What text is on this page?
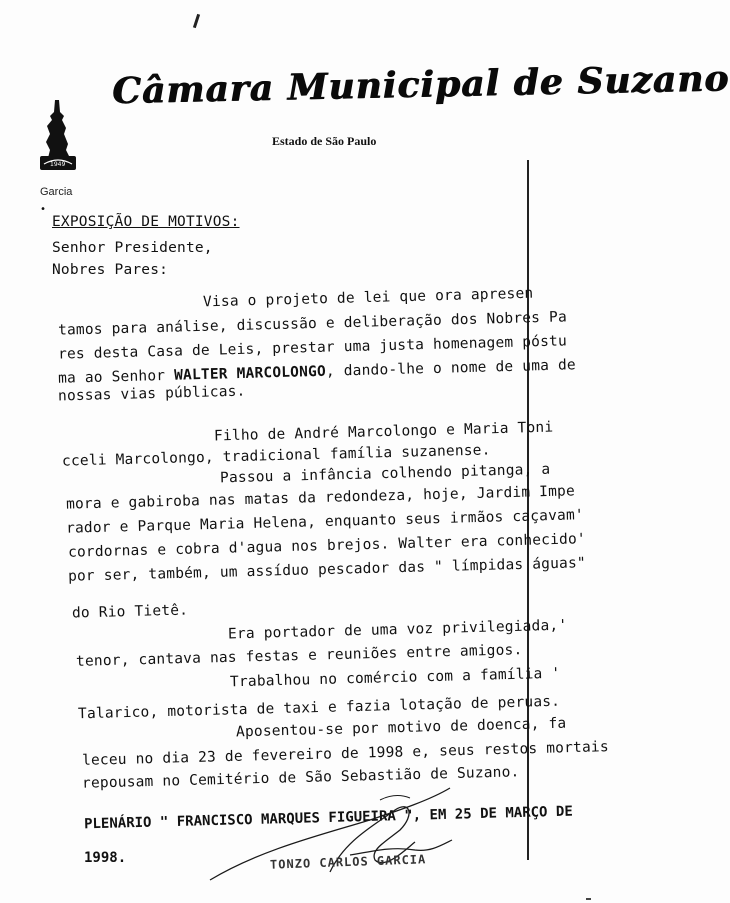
1949
Câmara Municipal de Suzano
Estado de São Paulo
Garcia
•
EXPOSIÇÃO DE MOTIVOS:
Senhor Presidente,
Nobres Pares:
Visa o projeto de lei que ora apresen
tamos para análise, discussão e deliberação dos Nobres Pa
res desta Casa de Leis, prestar uma justa homenagem póstu
ma ao Senhor WALTER MARCOLONGO, dando-lhe o nome de uma de
nossas vias públicas.
Filho de André Marcolongo e Maria Toni
cceli Marcolongo, tradicional família suzanense.
Passou a infância colhendo pitanga, a
mora e gabiroba nas matas da redondeza, hoje, Jardim Impe
rador e Parque Maria Helena, enquanto seus irmãos caçavam'
cordornas e cobra d'agua nos brejos. Walter era conhecido'
por ser, também, um assíduo pescador das " límpidas águas"
do Rio Tietê.
Era portador de uma voz privilegiada,'
tenor, cantava nas festas e reuniões entre amigos.
Trabalhou no comércio com a família '
Talarico, motorista de taxi e fazia lotação de peruas.
Aposentou-se por motivo de doenca, fa
leceu no dia 23 de fevereiro de 1998 e, seus restos mortais
repousam no Cemitério de São Sebastião de Suzano.
PLENÁRIO " FRANCISCO MARQUES FIGUEIRA ", EM 25 DE MARÇO DE
1998.	TONZO CARLOS GARCIA
